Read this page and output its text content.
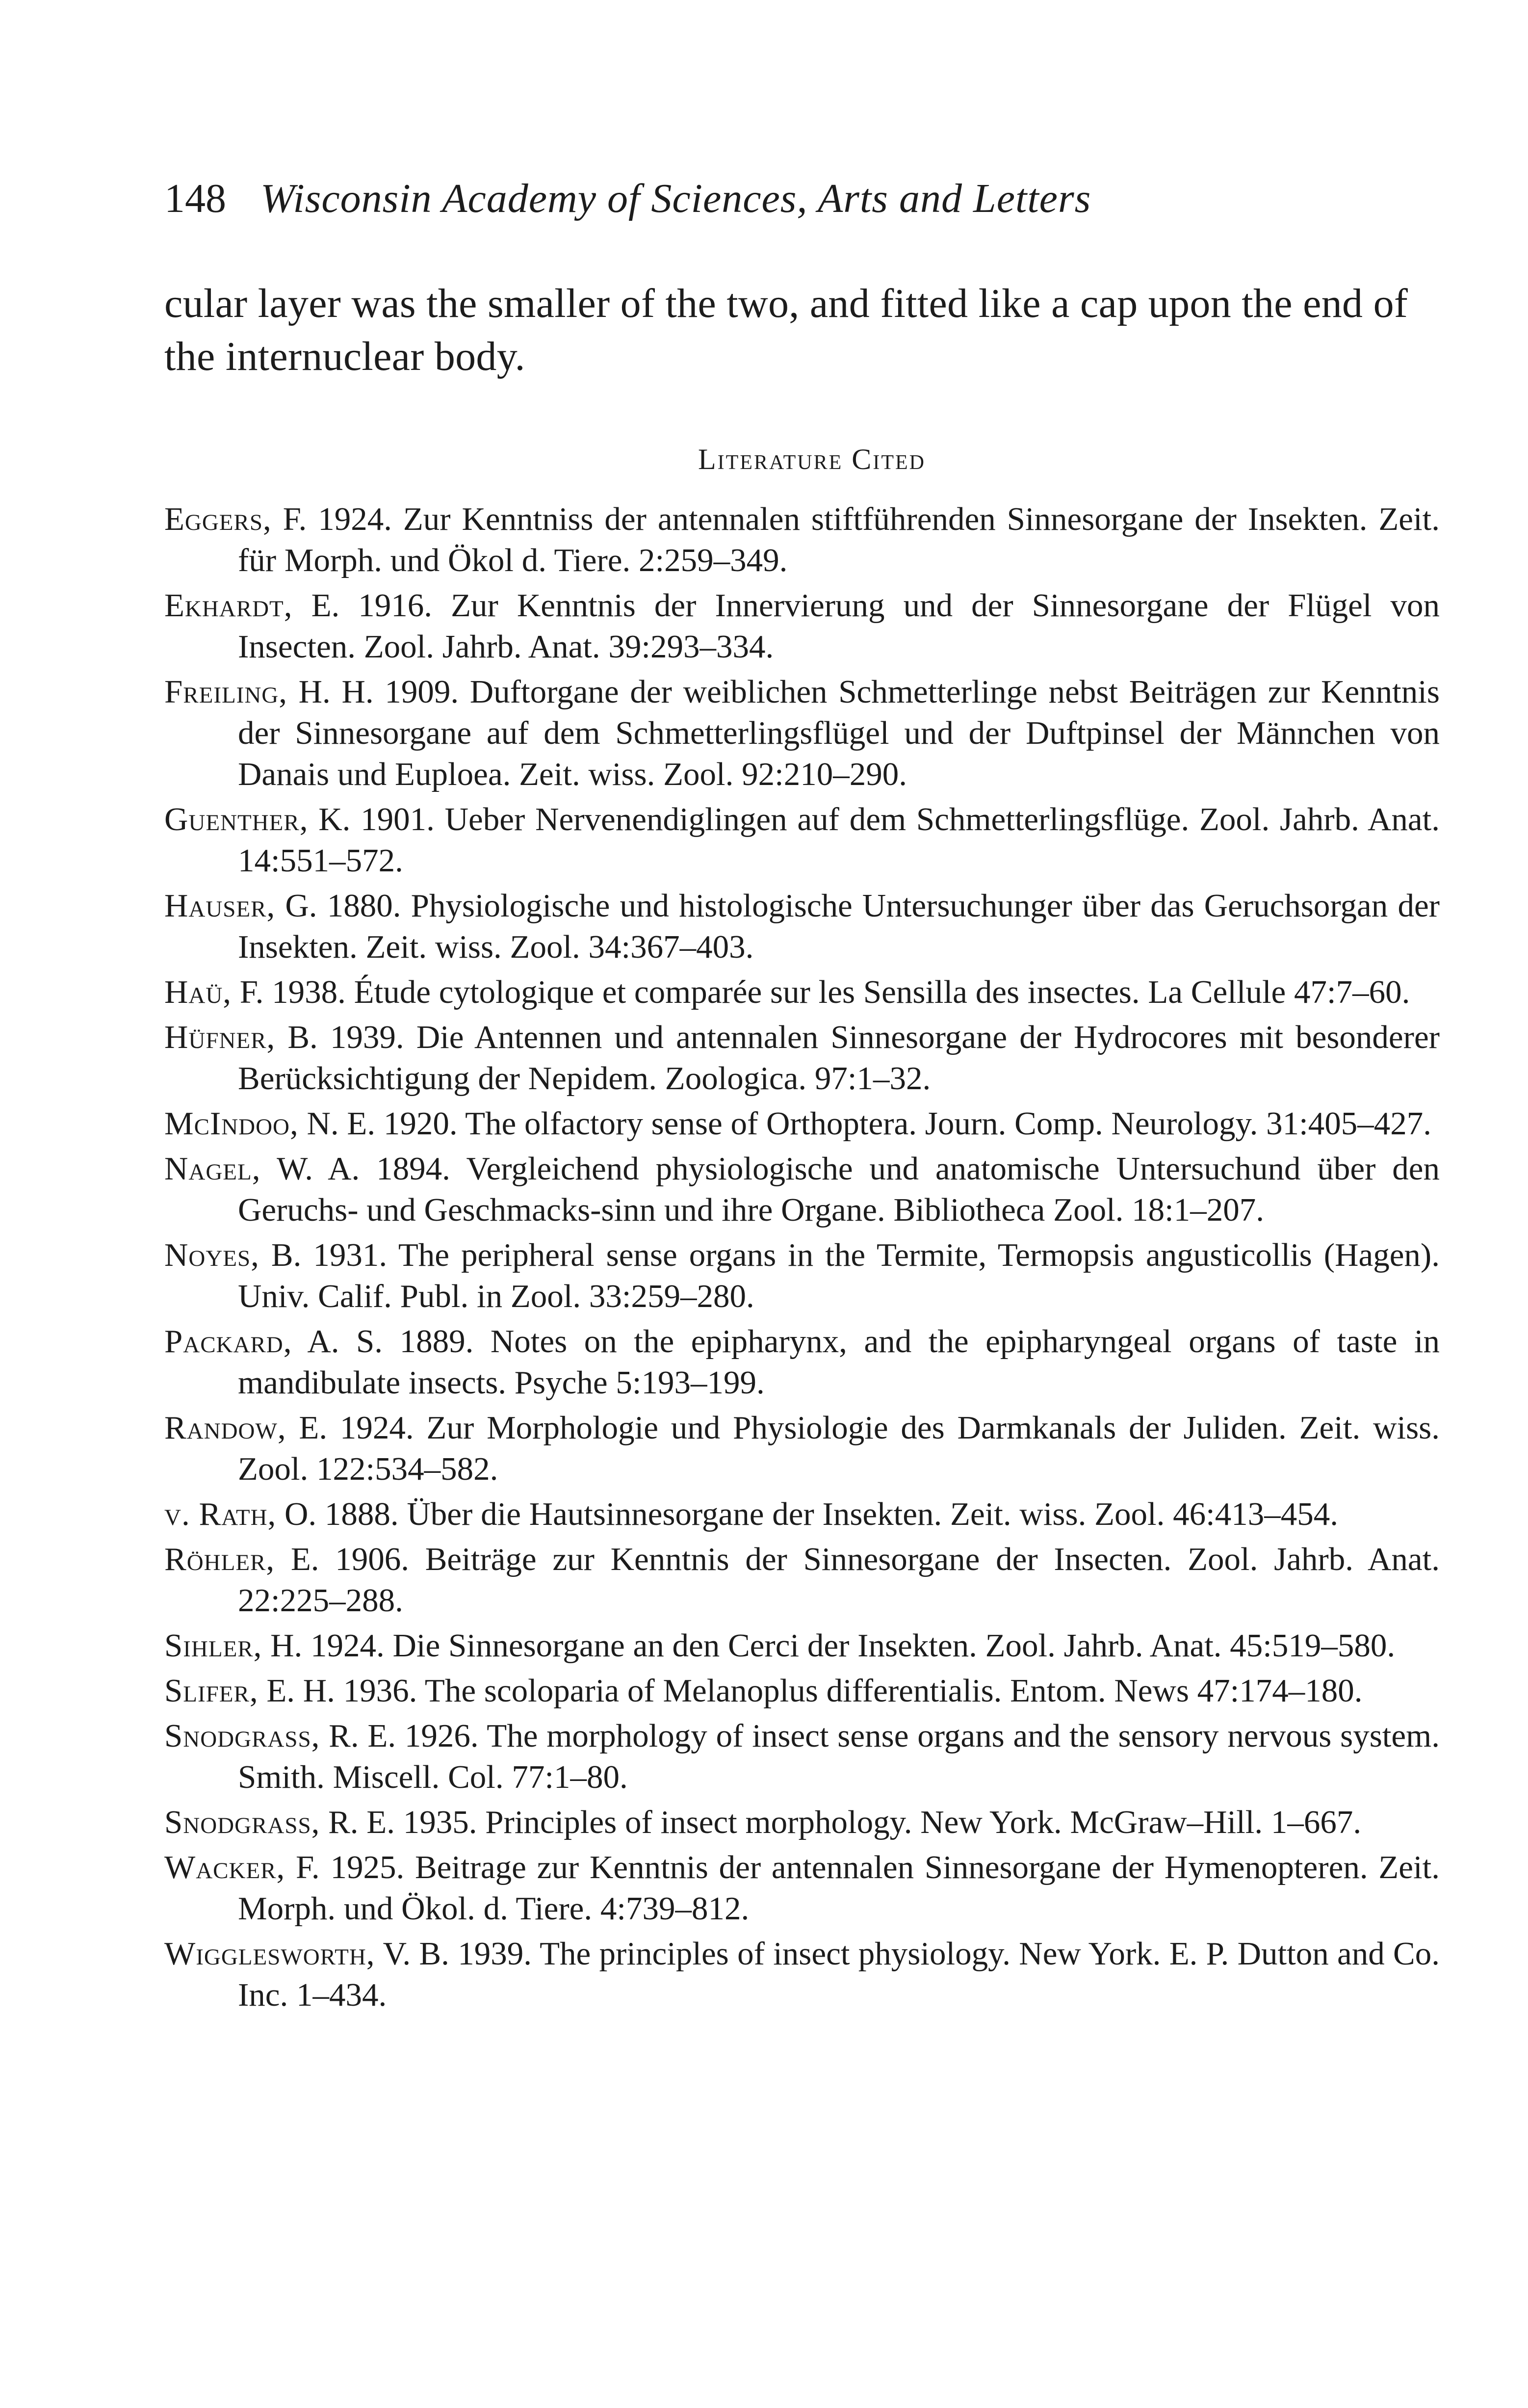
148 Wisconsin Academy of Sciences, Arts and Letters

cular layer was the smaller of the two, and fitted like a cap upon the end of the internuclear body.

Literature Cited

Eggers, F. 1924. Zur Kenntniss der antennalen stiftführenden Sinnesorgane der Insekten. Zeit. für Morph. und Ökol d. Tiere. 2:259–349.

Ekhardt, E. 1916. Zur Kenntnis der Innervierung und der Sinnesorgane der Flügel von Insecten. Zool. Jahrb. Anat. 39:293–334.

Freiling, H. H. 1909. Duftorgane der weiblichen Schmetterlinge nebst Beiträgen zur Kenntnis der Sinnesorgane auf dem Schmetterlingsflügel und der Duftpinsel der Männchen von Danais und Euploea. Zeit. wiss. Zool. 92:210–290.

Guenther, K. 1901. Ueber Nervenendiglingen auf dem Schmetterlingsflüge. Zool. Jahrb. Anat. 14:551–572.

Hauser, G. 1880. Physiologische und histologische Untersuchunger über das Geruchsorgan der Insekten. Zeit. wiss. Zool. 34:367–403.

Haü, F. 1938. Étude cytologique et comparée sur les Sensilla des insectes. La Cellule 47:7–60.

Hüfner, B. 1939. Die Antennen und antennalen Sinnesorgane der Hydrocores mit besonderer Berücksichtigung der Nepidem. Zoologica. 97:1–32.

McIndoo, N. E. 1920. The olfactory sense of Orthoptera. Journ. Comp. Neurology. 31:405–427.

Nagel, W. A. 1894. Vergleichend physiologische und anatomische Untersuchund über den Geruchs- und Geschmacks-sinn und ihre Organe. Bibliotheca Zool. 18:1–207.

Noyes, B. 1931. The peripheral sense organs in the Termite, Termopsis angusticollis (Hagen). Univ. Calif. Publ. in Zool. 33:259–280.

Packard, A. S. 1889. Notes on the epipharynx, and the epipharyngeal organs of taste in mandibulate insects. Psyche 5:193–199.

Randow, E. 1924. Zur Morphologie und Physiologie des Darmkanals der Juliden. Zeit. wiss. Zool. 122:534–582.

v. Rath, O. 1888. Über die Hautsinnesorgane der Insekten. Zeit. wiss. Zool. 46:413–454.

Röhler, E. 1906. Beiträge zur Kenntnis der Sinnesorgane der Insecten. Zool. Jahrb. Anat. 22:225–288.

Sihler, H. 1924. Die Sinnesorgane an den Cerci der Insekten. Zool. Jahrb. Anat. 45:519–580.

Slifer, E. H. 1936. The scoloparia of Melanoplus differentialis. Entom. News 47:174–180.

Snodgrass, R. E. 1926. The morphology of insect sense organs and the sensory nervous system. Smith. Miscell. Col. 77:1–80.

Snodgrass, R. E. 1935. Principles of insect morphology. New York. McGraw–Hill. 1–667.

Wacker, F. 1925. Beitrage zur Kenntnis der antennalen Sinnesorgane der Hymenopteren. Zeit. Morph. und Ökol. d. Tiere. 4:739–812.

Wigglesworth, V. B. 1939. The principles of insect physiology. New York. E. P. Dutton and Co. Inc. 1–434.
